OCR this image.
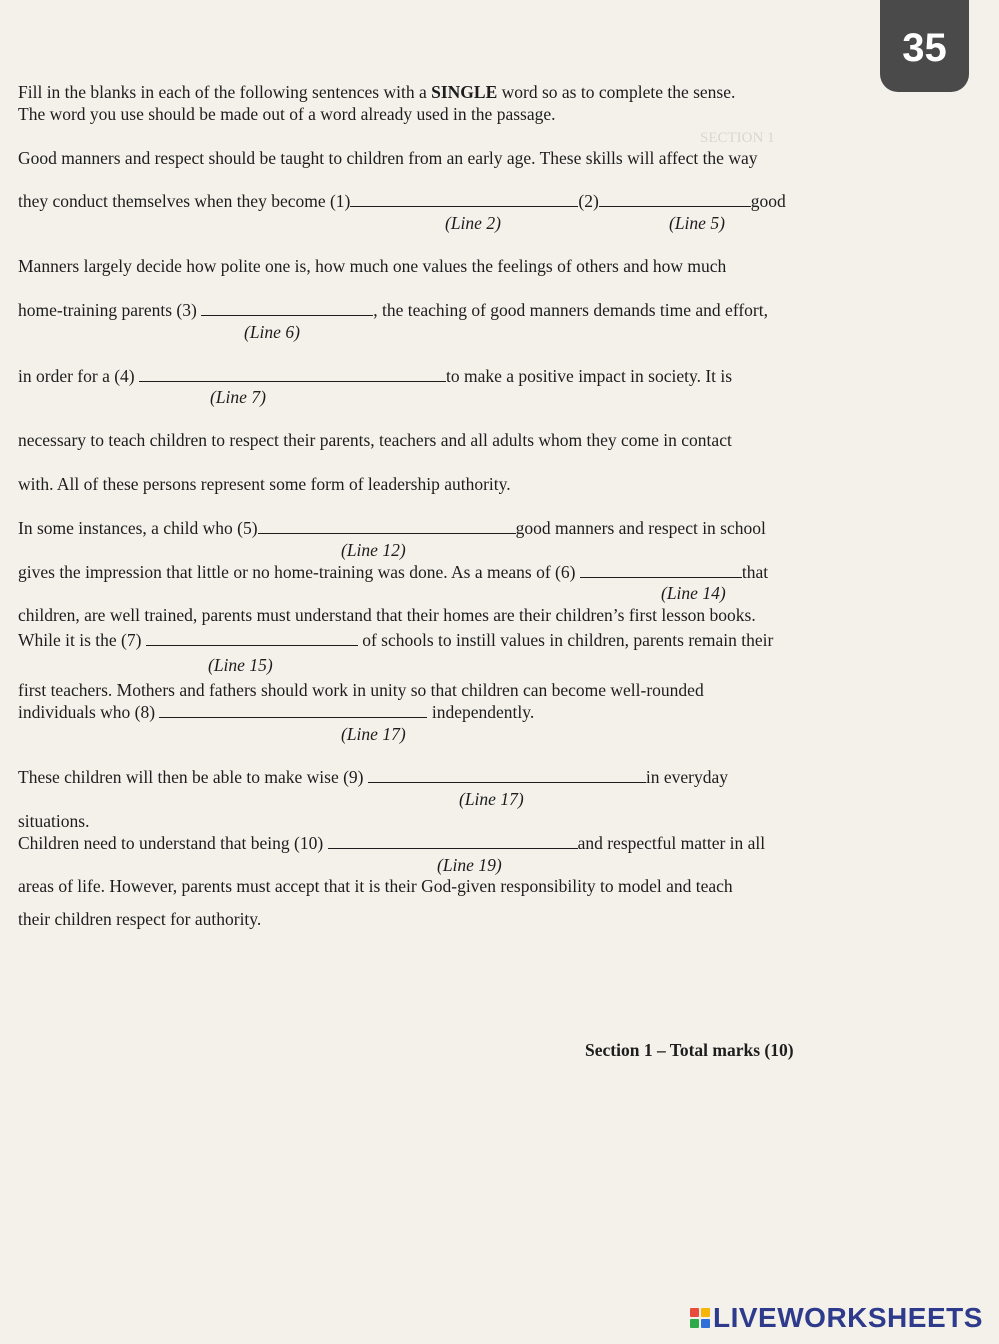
SECTION 1
35
Fill in the blanks in each of the following sentences with a SINGLE word so as to complete the sense.
The word you use should be made out of a word already used in the passage.
Good manners and respect should be taught to children from an early age. These skills will affect the way
they conduct themselves when they become (1)	(2)	good
(Line 2)	(Line 5)
Manners largely decide how polite one is, how much one values the feelings of others and how much
home-training parents (3)	, the teaching of good manners demands time and effort,
(Line 6)
in order for a (4)	to make a positive impact in society. It is
(Line 7)
necessary to teach children to respect their parents, teachers and all adults whom they come in contact
with. All of these persons represent some form of leadership authority.
In some instances, a child who (5)	good manners and respect in school
(Line 12)
gives the impression that little or no home-training was done. As a means of (6)	that
(Line 14)
children, are well trained, parents must understand that their homes are their children’s first lesson books.
While it is the (7)	of schools to instill values in children, parents remain their
(Line 15)
first teachers. Mothers and fathers should work in unity so that children can become well-rounded
individuals who (8)	independently.
(Line 17)
These children will then be able to make wise (9)	in everyday
(Line 17)
situations.
Children need to understand that being (10)	and respectful matter in all
(Line 19)
areas of life. However, parents must accept that it is their God-given responsibility to model and teach
their children respect for authority.
Section 1 – Total marks (10)
LIVEWORKSHEETS
